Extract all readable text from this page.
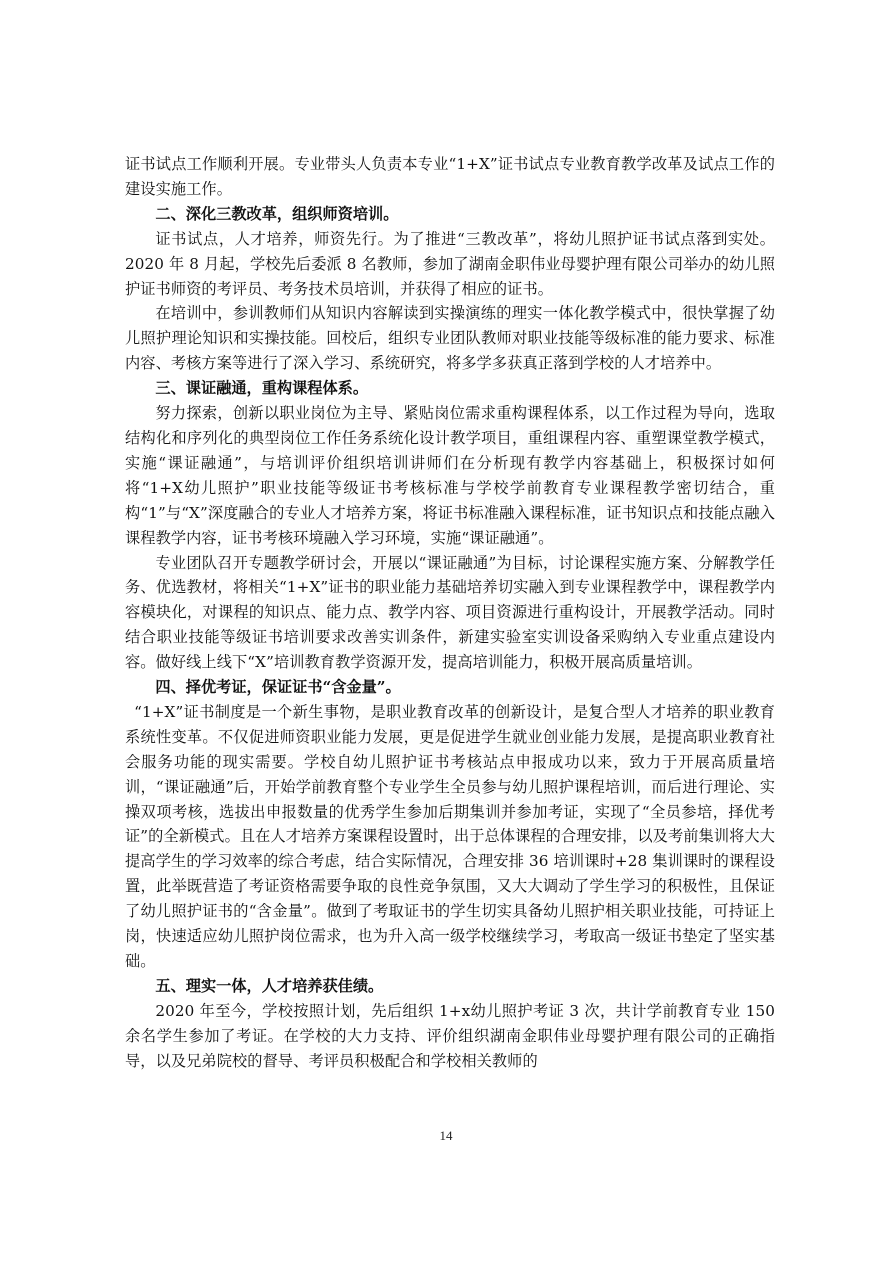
证书试点工作顺利开展。专业带头人负责本专业“1+X”证书试点专业教育教学改革及试点工作的建设实施工作。

二、深化三教改革，组织师资培训。

证书试点，人才培养，师资先行。为了推进“三教改革”，将幼儿照护证书试点落到实处。2020 年 8 月起，学校先后委派 8 名教师，参加了湖南金职伟业母婴护理有限公司举办的幼儿照护证书师资的考评员、考务技术员培训，并获得了相应的证书。

在培训中，参训教师们从知识内容解读到实操演练的理实一体化教学模式中，很快掌握了幼儿照护理论知识和实操技能。回校后，组织专业团队教师对职业技能等级标准的能力要求、标准内容、考核方案等进行了深入学习、系统研究，将多学多获真正落到学校的人才培养中。

三、课证融通，重构课程体系。

努力探索，创新以职业岗位为主导、紧贴岗位需求重构课程体系，以工作过程为导向，选取结构化和序列化的典型岗位工作任务系统化设计教学项目，重组课程内容、重塑课堂教学模式，实施“课证融通”，与培训评价组织培训讲师们在分析现有教学内容基础上，积极探讨如何将“1+X幼儿照护”职业技能等级证书考核标准与学校学前教育专业课程教学密切结合，重构“1”与“X”深度融合的专业人才培养方案，将证书标准融入课程标准，证书知识点和技能点融入课程教学内容，证书考核环境融入学习环境，实施“课证融通”。

专业团队召开专题教学研讨会，开展以“课证融通”为目标，讨论课程实施方案、分解教学任务、优选教材，将相关“1+X”证书的职业能力基础培养切实融入到专业课程教学中，课程教学内容模块化，对课程的知识点、能力点、教学内容、项目资源进行重构设计，开展教学活动。同时结合职业技能等级证书培训要求改善实训条件，新建实验室实训设备采购纳入专业重点建设内容。做好线上线下“X”培训教育教学资源开发，提高培训能力，积极开展高质量培训。

四、择优考证，保证证书“含金量”。

“1+X”证书制度是一个新生事物，是职业教育改革的创新设计，是复合型人才培养的职业教育系统性变革。不仅促进师资职业能力发展，更是促进学生就业创业能力发展，是提高职业教育社会服务功能的现实需要。学校自幼儿照护证书考核站点申报成功以来，致力于开展高质量培训，“课证融通”后，开始学前教育整个专业学生全员参与幼儿照护课程培训，而后进行理论、实操双项考核，选拔出申报数量的优秀学生参加后期集训并参加考证，实现了“全员参培，择优考证”的全新模式。且在人才培养方案课程设置时，出于总体课程的合理安排，以及考前集训将大大提高学生的学习效率的综合考虑，结合实际情况，合理安排 36 培训课时+28 集训课时的课程设置，此举既营造了考证资格需要争取的良性竞争氛围，又大大调动了学生学习的积极性，且保证了幼儿照护证书的“含金量”。做到了考取证书的学生切实具备幼儿照护相关职业技能，可持证上岗，快速适应幼儿照护岗位需求，也为升入高一级学校继续学习，考取高一级证书垫定了坚实基础。

五、理实一体，人才培养获佳绩。

2020 年至今，学校按照计划，先后组织 1+x幼儿照护考证 3 次，共计学前教育专业 150 余名学生参加了考证。在学校的大力支持、评价组织湖南金职伟业母婴护理有限公司的正确指导，以及兄弟院校的督导、考评员积极配合和学校相关教师的

14
